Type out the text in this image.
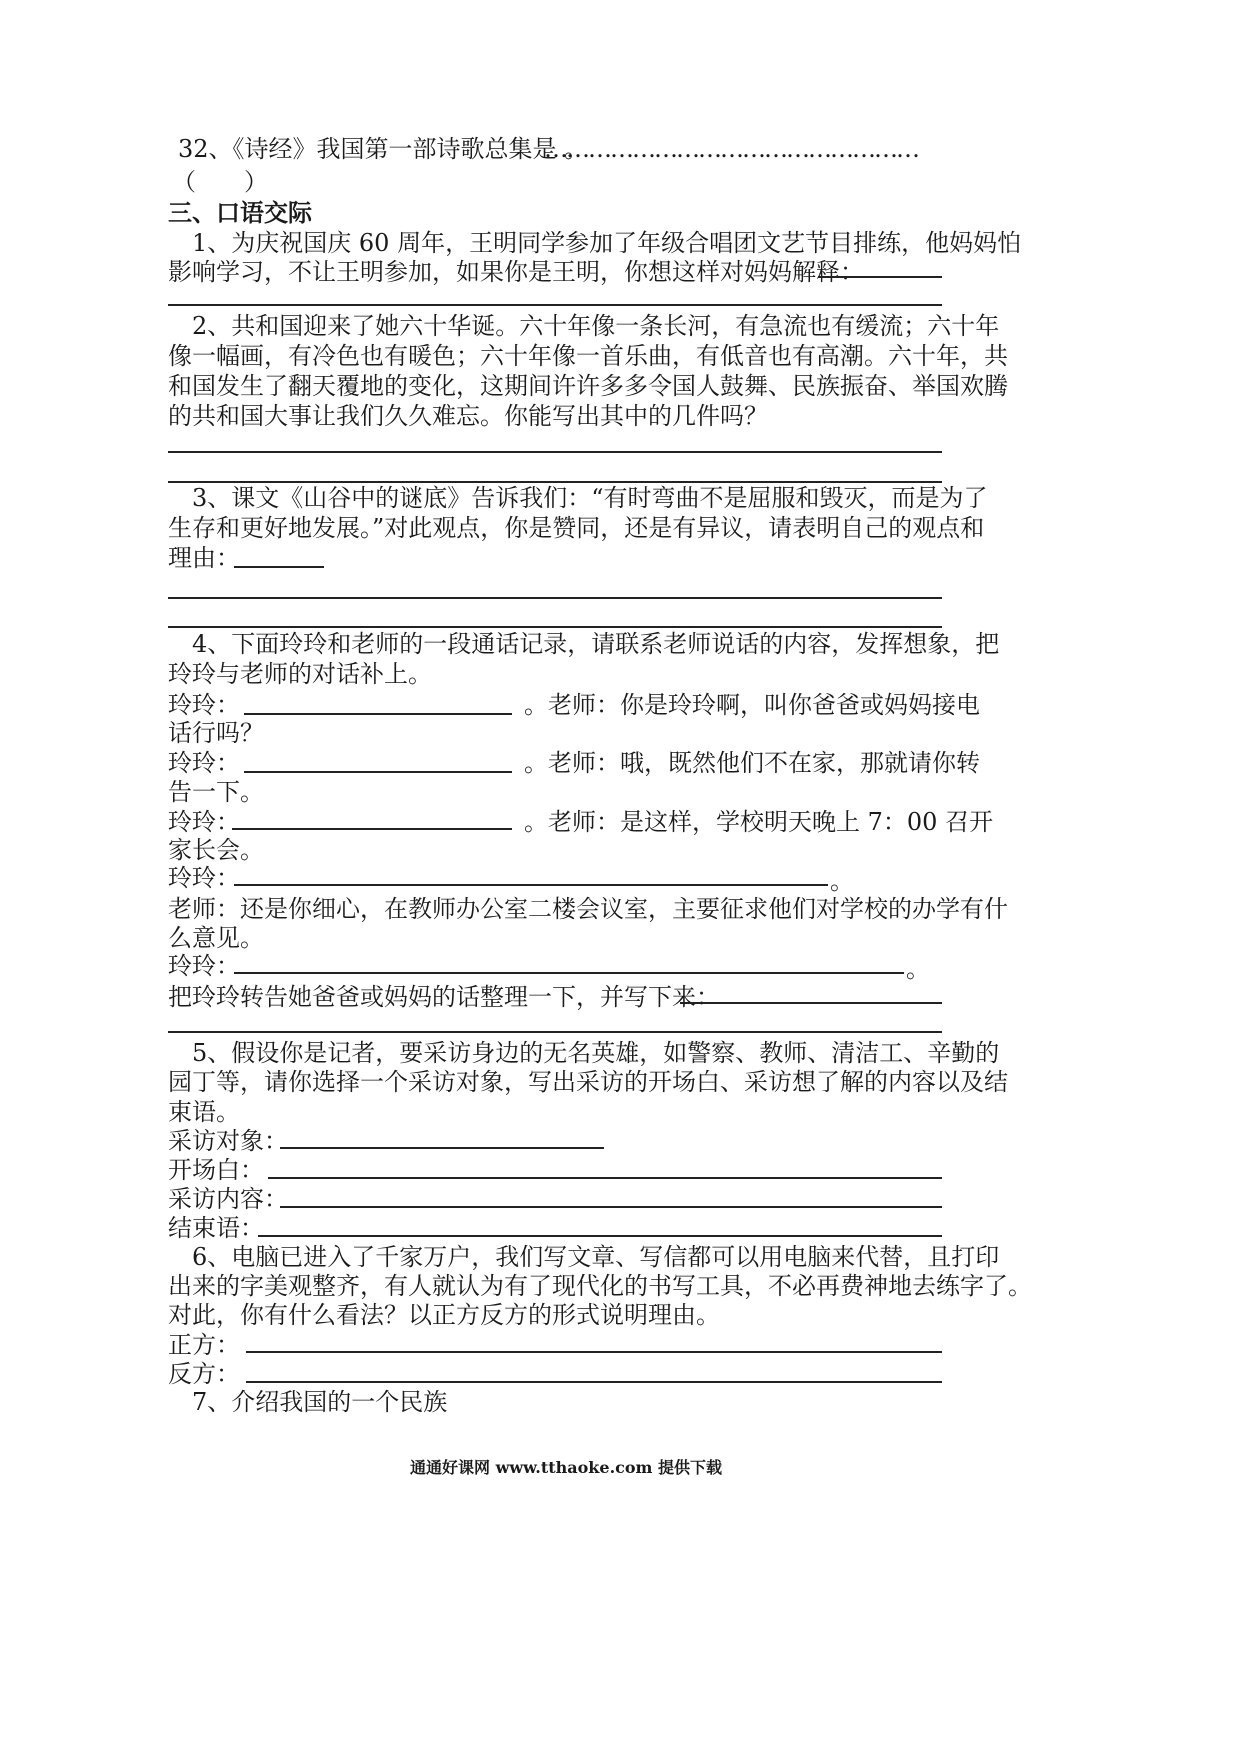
32、《诗经》我国第一部诗歌总集是 。
……………………………………………
（　　）
三、口语交际
1、为庆祝国庆 60 周年，王明同学参加了年级合唱团文艺节目排练，他妈妈怕
影响学习，不让王明参加，如果你是王明，你想这样对妈妈解释：
2、共和国迎来了她六十华诞。六十年像一条长河，有急流也有缓流；六十年
像一幅画，有冷色也有暖色；六十年像一首乐曲，有低音也有高潮。六十年，共
和国发生了翻天覆地的变化，这期间许许多多令国人鼓舞、民族振奋、举国欢腾
的共和国大事让我们久久难忘。你能写出其中的几件吗？
3、课文《山谷中的谜底》告诉我们：“有时弯曲不是屈服和毁灭，而是为了
生存和更好地发展。”对此观点，你是赞同，还是有异议，请表明自己的观点和
理由：
4、下面玲玲和老师的一段通话记录，请联系老师说话的内容，发挥想象，把
玲玲与老师的对话补上。
玲玲：	。老师：你是玲玲啊，叫你爸爸或妈妈接电
话行吗？
玲玲：	。老师：哦，既然他们不在家，那就请你转
告一下。
玲玲：	。老师：是这样，学校明天晚上 7：00 召开
家长会。
玲玲：	。
老师：还是你细心，在教师办公室二楼会议室，主要征求他们对学校的办学有什
么意见。
玲玲：	。
把玲玲转告她爸爸或妈妈的话整理一下，并写下来：
5、假设你是记者，要采访身边的无名英雄，如警察、教师、清洁工、辛勤的
园丁等，请你选择一个采访对象，写出采访的开场白、采访想了解的内容以及结
束语。
采访对象：
开场白：
采访内容：
结束语：
6、电脑已进入了千家万户，我们写文章、写信都可以用电脑来代替，且打印
出来的字美观整齐，有人就认为有了现代化的书写工具，不必再费神地去练字了。
对此，你有什么看法？以正方反方的形式说明理由。
正方：
反方：
7、介绍我国的一个民族
通通好课网 www.tthaoke.com 提供下载
